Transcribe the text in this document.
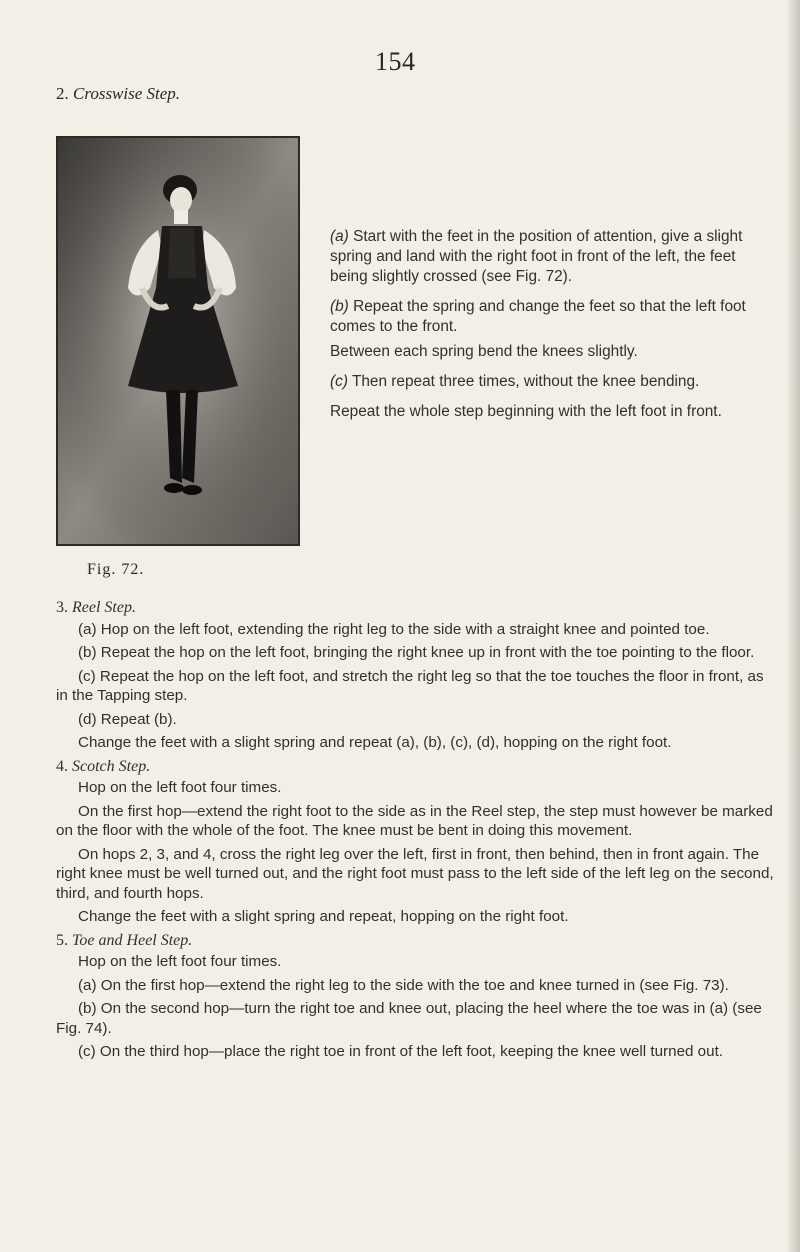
154
2. Crosswise Step.
Fig. 72.

(a) Start with the feet in the position of attention, give a slight spring and land with the right foot in front of the left, the feet being slightly crossed (see Fig. 72).

(b) Repeat the spring and change the feet so that the left foot comes to the front.

Between each spring bend the knees slightly.

(c) Then repeat three times, without the knee bending.

Repeat the whole step beginning with the left foot in front.

3. Reel Step.

(a) Hop on the left foot, extending the right leg to the side with a straight knee and pointed toe.

(b) Repeat the hop on the left foot, bringing the right knee up in front with the toe pointing to the floor.

(c) Repeat the hop on the left foot, and stretch the right leg so that the toe touches the floor in front, as in the Tapping step.

(d) Repeat (b).

Change the feet with a slight spring and repeat (a), (b), (c), (d), hopping on the right foot.

4. Scotch Step.

Hop on the left foot four times.

On the first hop—extend the right foot to the side as in the Reel step, the step must however be marked on the floor with the whole of the foot. The knee must be bent in doing this movement.

On hops 2, 3, and 4, cross the right leg over the left, first in front, then behind, then in front again. The right knee must be well turned out, and the right foot must pass to the left side of the left leg on the second, third, and fourth hops.

Change the feet with a slight spring and repeat, hopping on the right foot.

5. Toe and Heel Step.

Hop on the left foot four times.

(a) On the first hop—extend the right leg to the side with the toe and knee turned in (see Fig. 73).

(b) On the second hop—turn the right toe and knee out, placing the heel where the toe was in (a) (see Fig. 74).

(c) On the third hop—place the right toe in front of the left foot, keeping the knee well turned out.
